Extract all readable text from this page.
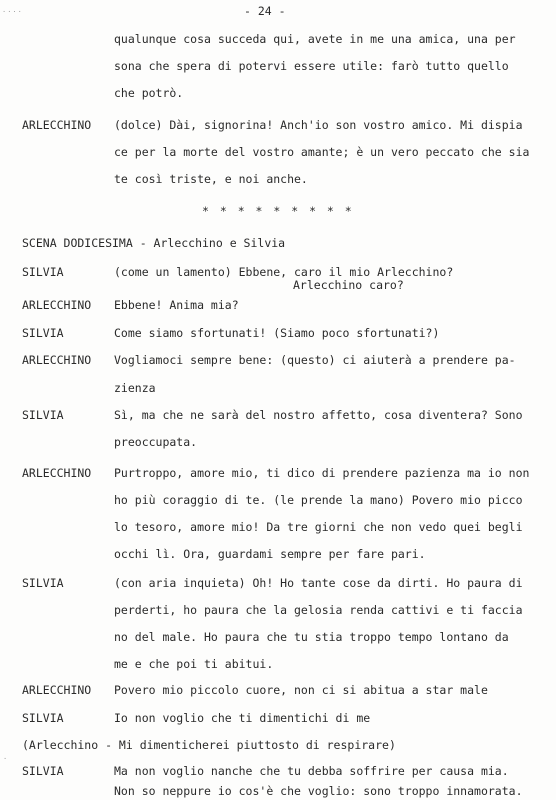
....	- 24 -
qualunque cosa succeda qui, avete in me una amica, una per
sona che spera di potervi essere utile: farò tutto quello
che potrò.
ARLECCHINO (dolce) Dài, signorina! Anch'io son vostro amico. Mi dispia
ce per la morte del vostro amante; è un vero peccato che sia
te così triste, e noi anche.
* * * * * * * * *
SCENA DODICESIMA - Arlecchino e Silvia
SILVIA	(come un lamento) Ebbene, caro il mio Arlecchino?
Arlecchino caro?
ARLECCHINO Ebbene! Anima mia?
SILVIA	Come siamo sfortunati! (Siamo poco sfortunati?)
ARLECCHINO Vogliamoci sempre bene: (questo) ci aiuterà a prendere pa-
zienza
SILVIA	Sì, ma che ne sarà del nostro affetto, cosa diventera? Sono
preoccupata.
ARLECCHINO Purtroppo, amore mio, ti dico di prendere pazienza ma io non
ho più coraggio di te. (le prende la mano) Povero mio picco
lo tesoro, amore mio! Da tre giorni che non vedo quei begli
occhi lì. Ora, guardami sempre per fare pari.
SILVIA	(con aria inquieta) Oh! Ho tante cose da dirti. Ho paura di
perderti, ho paura che la gelosia renda cattivi e ti faccia
no del male. Ho paura che tu stia troppo tempo lontano da
me e che poi ti abitui.
ARLECCHINO Povero mio piccolo cuore, non ci si abitua a star male
SILVIA	Io non voglio che ti dimentichi di me
(Arlecchino - Mi dimenticherei piuttosto di respirare)
·
SILVIA	Ma non voglio nanche che tu debba soffrire per causa mia.
Non so neppure io cos'è che voglio: sono troppo innamorata.
